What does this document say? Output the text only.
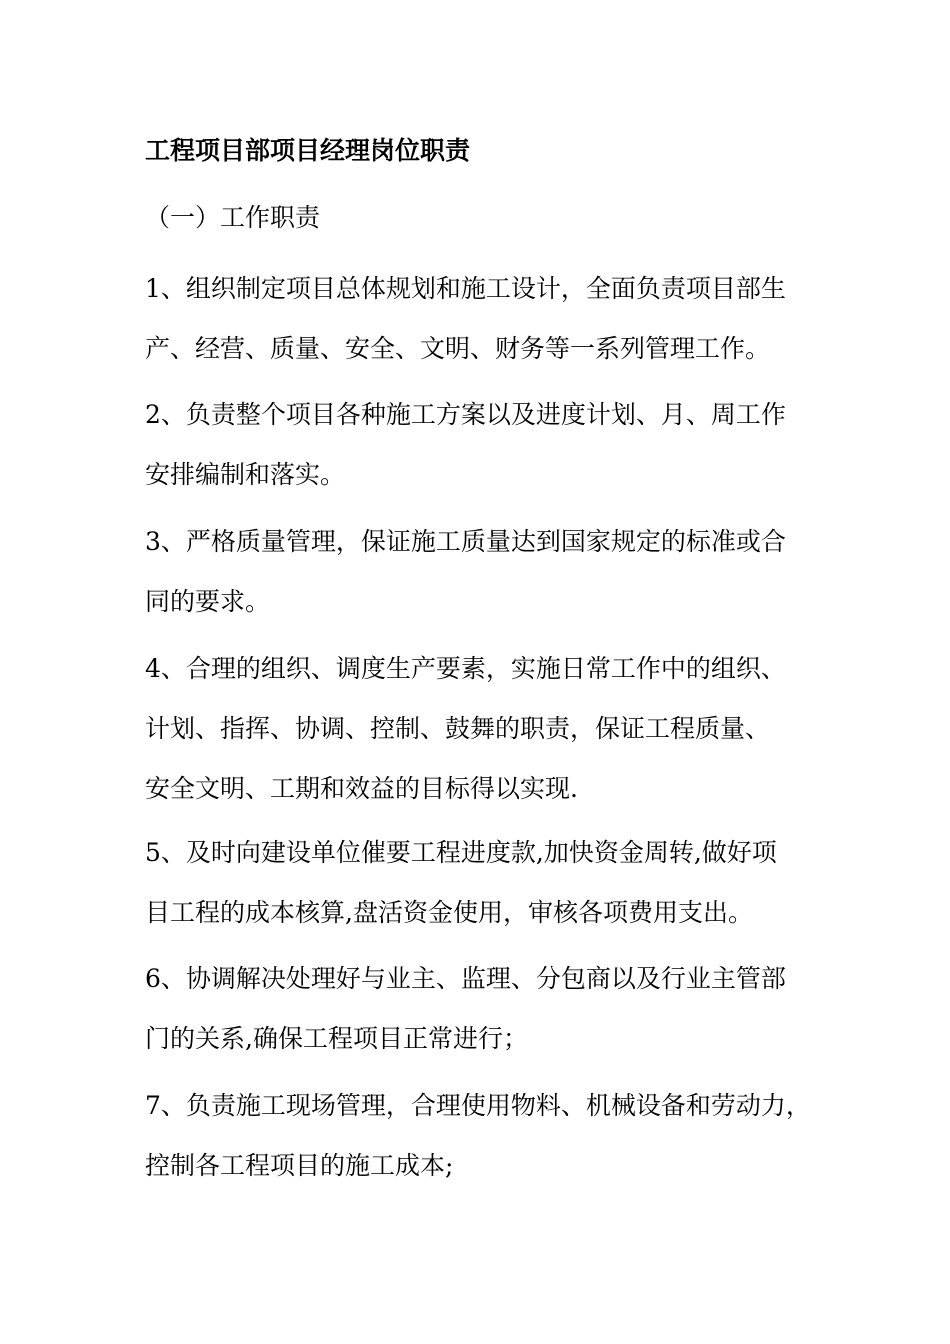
工程项目部项目经理岗位职责
（一）工作职责
1、组织制定项目总体规划和施工设计，全面负责项目部生
产、经营、质量、安全、文明、财务等一系列管理工作。
2、负责整个项目各种施工方案以及进度计划、月、周工作
安排编制和落实。
3、严格质量管理，保证施工质量达到国家规定的标准或合
同的要求。
4、合理的组织、调度生产要素，实施日常工作中的组织、
计划、指挥、协调、控制、鼓舞的职责，保证工程质量、
安全文明、工期和效益的目标得以实现.
5、及时向建设单位催要工程进度款,加快资金周转,做好项
目工程的成本核算,盘活资金使用，审核各项费用支出。
6、协调解决处理好与业主、监理、分包商以及行业主管部
门的关系,确保工程项目正常进行；
7、负责施工现场管理，合理使用物料、机械设备和劳动力，
控制各工程项目的施工成本;
